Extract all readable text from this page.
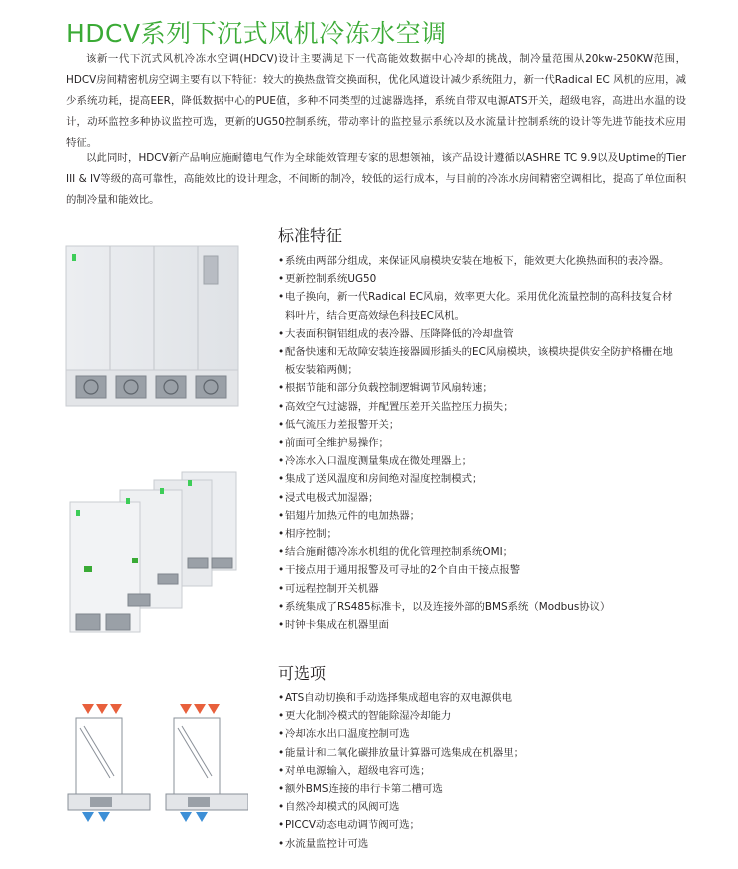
HDCV系列下沉式风机冷冻水空调
该新一代下沉式风机冷冻水空调(HDCV)设计主要满足下一代高能效数据中心冷却的挑战，制冷量范围从20kw-250KW范围，HDCV房间精密机房空调主要有以下特征：较大的换热盘管交换面积，优化风道设计减少系统阻力，新一代Radical EC 风机的应用，减少系统功耗，提高EER，降低数据中心的PUE值，多种不同类型的过滤器选择，系统自带双电源ATS开关，超级电容，高进出水温的设计，动环监控多种协议监控可选，更新的UG50控制系统，带动率计的监控显示系统以及水流量计控制系统的设计等先进节能技术应用特征。
以此同时，HDCV新产品响应施耐德电气作为全球能效管理专家的思想领袖，该产品设计遵循以ASHRE TC 9.9以及Uptime的Tier III & IV等级的高可靠性，高能效比的设计理念，不间断的制冷，较低的运行成本，与目前的冷冻水房间精密空调相比，提高了单位面积的制冷量和能效比。
标准特征
• 系统由两部分组成，来保证风扇模块安装在地板下，能效更大化换热面积的表冷器。
• 更新控制系统UG50
• 电子换向，新一代Radical EC风扇，效率更大化。采用优化流量控制的高科技复合材料叶片，结合更高效绿色科技EC风机。
• 大表面积铜铝组成的表冷器、压降降低的冷却盘管
• 配备快速和无故障安装连接器圆形插头的EC风扇模块，该模块提供安全防护格栅在地板安装箱两侧；
• 根据节能和部分负载控制逻辑调节风扇转速；
• 高效空气过滤器，并配置压差开关监控压力损失；
• 低气流压力差报警开关；
• 前面可全维护易操作；
• 冷冻水入口温度测量集成在微处理器上；
• 集成了送风温度和房间绝对湿度控制模式；
• 浸式电极式加湿器；
• 铝翅片加热元件的电加热器；
• 相序控制；
• 结合施耐德冷冻水机组的优化管理控制系统OMI；
• 干接点用于通用报警及可寻址的2个自由干接点报警
• 可远程控制开关机器
• 系统集成了RS485标准卡，以及连接外部的BMS系统（Modbus协议）
• 时钟卡集成在机器里面
可选项
• ATS自动切换和手动选择集成超电容的双电源供电
• 更大化制冷模式的智能除湿冷却能力
• 冷却冻水出口温度控制可选
• 能量计和二氧化碳排放量计算器可选集成在机器里；
• 对单电源输入，超级电容可选；
• 额外BMS连接的串行卡第二槽可选
• 自然冷却模式的风阀可选
• PICCV动态电动调节阀可选；
• 水流量监控计可选
